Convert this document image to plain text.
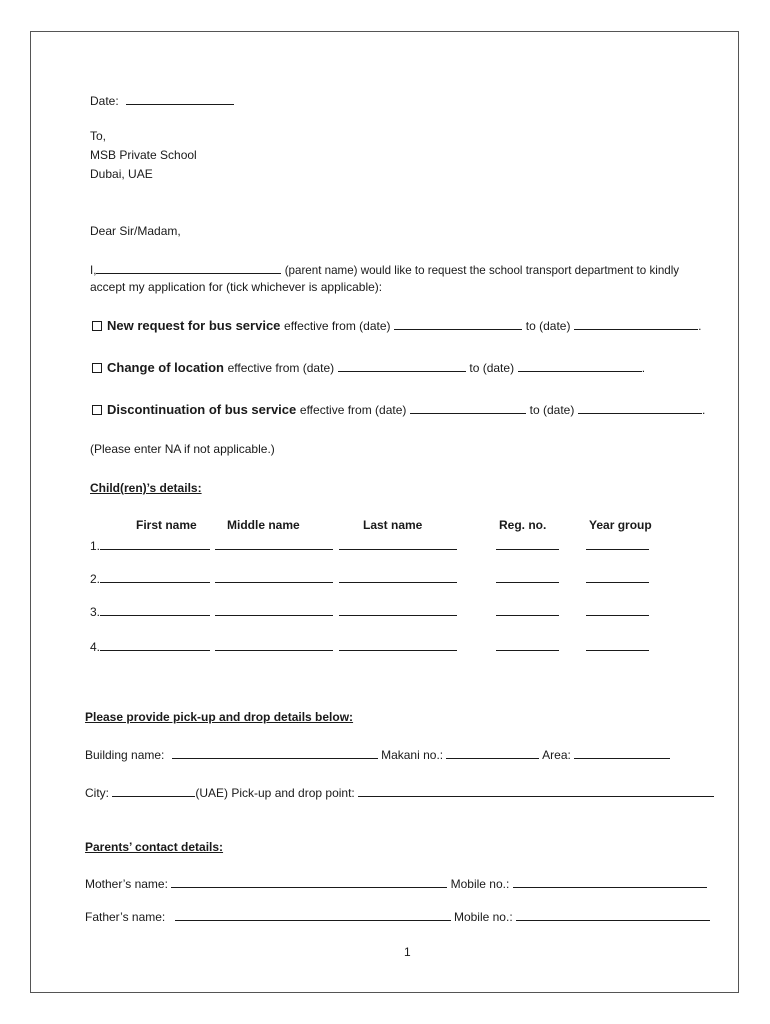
Date:
To,
MSB Private School
Dubai, UAE
Dear Sir/Madam,
I,	(parent name) would like to request the school transport department to kindly
accept my application for (tick whichever is applicable):
New request for bus service effective from (date)	to (date)	.
Change of location effective from (date)	to (date)	.
Discontinuation of bus service effective from (date)	to (date)	.
(Please enter NA if not applicable.)
Child(ren)’s details:
First name	Middle name	Last name	Reg. no.	Year group
1.
2.
3.
4.
Please provide pick-up and drop details below:
Building name:	Makani no.:	Area:
City:	(UAE) Pick-up and drop point:
Parents’ contact details:
Mother’s name:	Mobile no.:
Father’s name:	Mobile no.:
1
